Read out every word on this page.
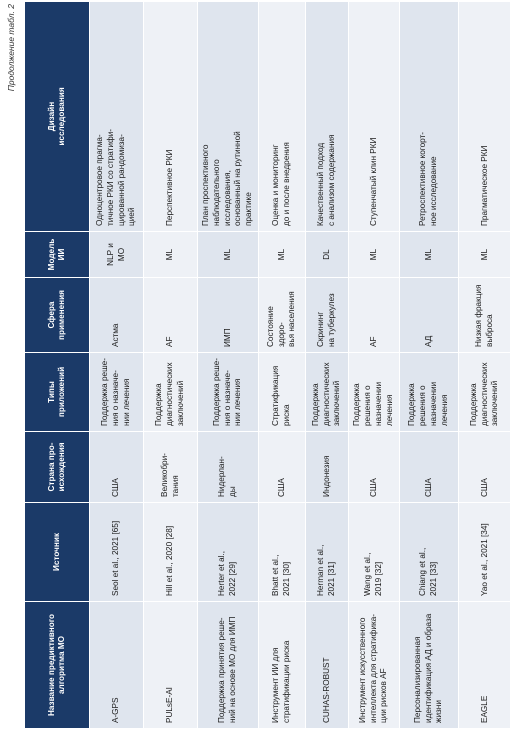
Продолжение табл. 2
Название предиктивного
алгоритма МО
Источник
Страна про-
исхождения
Типы
приложений
Сфера
применения
Модель
ИИ
Дизайн
исследования
A-GPS
Seol et al., 2021 [65]
США
Поддержка реше-
ния о назначе-
нии лечения
Астма
NLP и
МО
Одноцентровое прагма-
тичное РКИ со стратифи-
цированной рандомиза-
цией
PULsE-AI
Hill et al., 2020 [28]
Великобри-
тания
Поддержка
диагностических
заключений
AF
ML
Перспективное РКИ
Поддержка принятия реше-
ний на основе МО для ИМП
Herter et al.,
2022 [29]
Нидерлан-
ды
Поддержка реше-
ния о назначе-
нии лечения
ИМП
ML
План проспективного
наблюдательного
исследования,
основанный на рутинной
практике
Инструмент ИИ для
стратификации риска
Bhatt et al.,
2021 [30]
США
Стратификация
риска
Состояние здоро-
вья населения
ML
Оценка и мониторинг
до и после внедрения
CUHAS-ROBUST
Herman et al.,
2021 [31]
Индонезия
Поддержка
диагностических
заключений
Скрининг
на туберкулез
DL
Качественный подход
с анализом содержания
Инструмент искусственного
интеллекта для стратифика-
ции рисков AF
Wang et al.,
2019 [32]
США
Поддержка
решения о
назначении
лечения
AF
ML
Ступенчатый клин РКИ
Персонализированная
идентификация АД и образа
жизни
Chiang et al.,
2021 [33]
США
Поддержка
решения о
назначении
лечения
АД
ML
Ретроспективное когорт-
ное исследование
EAGLE
Yao et al., 2021 [34]
США
Поддержка
диагностических
заключений
Низкая фракция
выброса
ML
Прагматическое РКИ
